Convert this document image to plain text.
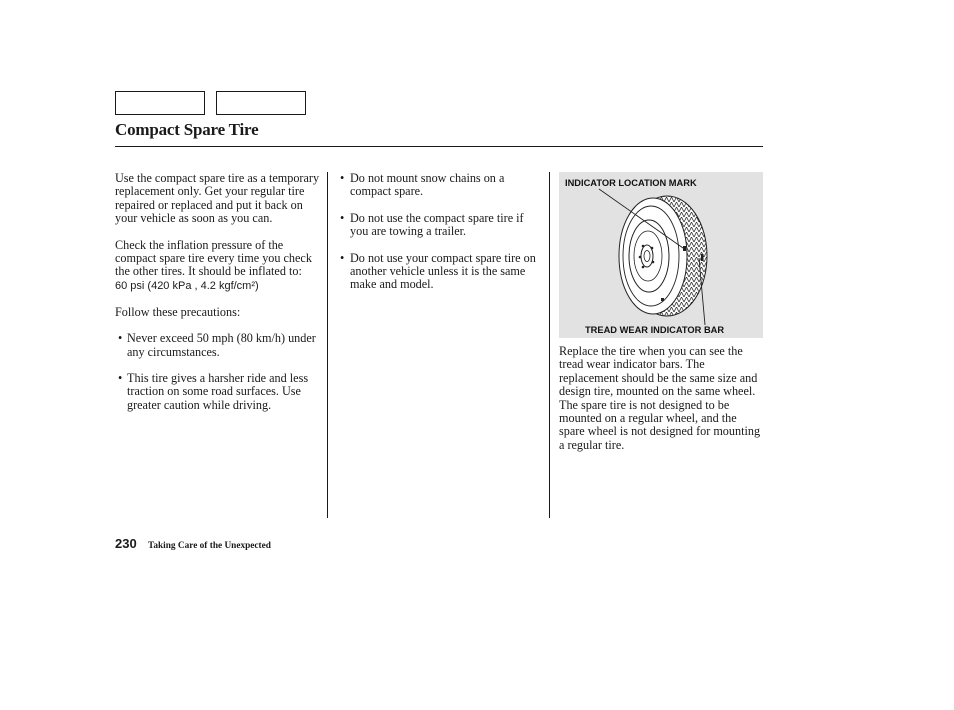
Compact Spare Tire

Use the compact spare tire as a temporary replacement only. Get your regular tire repaired or replaced and put it back on your vehicle as soon as you can.

Check the inflation pressure of the compact spare tire every time you check the other tires. It should be inflated to:

60 psi (420 kPa , 4.2 kgf/cm²)

Follow these precautions:

• Never exceed 50 mph (80 km/h) under any circumstances.
• This tire gives a harsher ride and less traction on some road surfaces. Use greater caution while driving.
• Do not mount snow chains on a compact spare.
• Do not use the compact spare tire if you are towing a trailer.
• Do not use your compact spare tire on another vehicle unless it is the same make and model.
INDICATOR LOCATION MARK
TREAD WEAR INDICATOR BAR

Replace the tire when you can see the tread wear indicator bars. The replacement should be the same size and design tire, mounted on the same wheel. The spare tire is not designed to be mounted on a regular wheel, and the spare wheel is not designed for mounting a regular tire.

230 Taking Care of the Unexpected
